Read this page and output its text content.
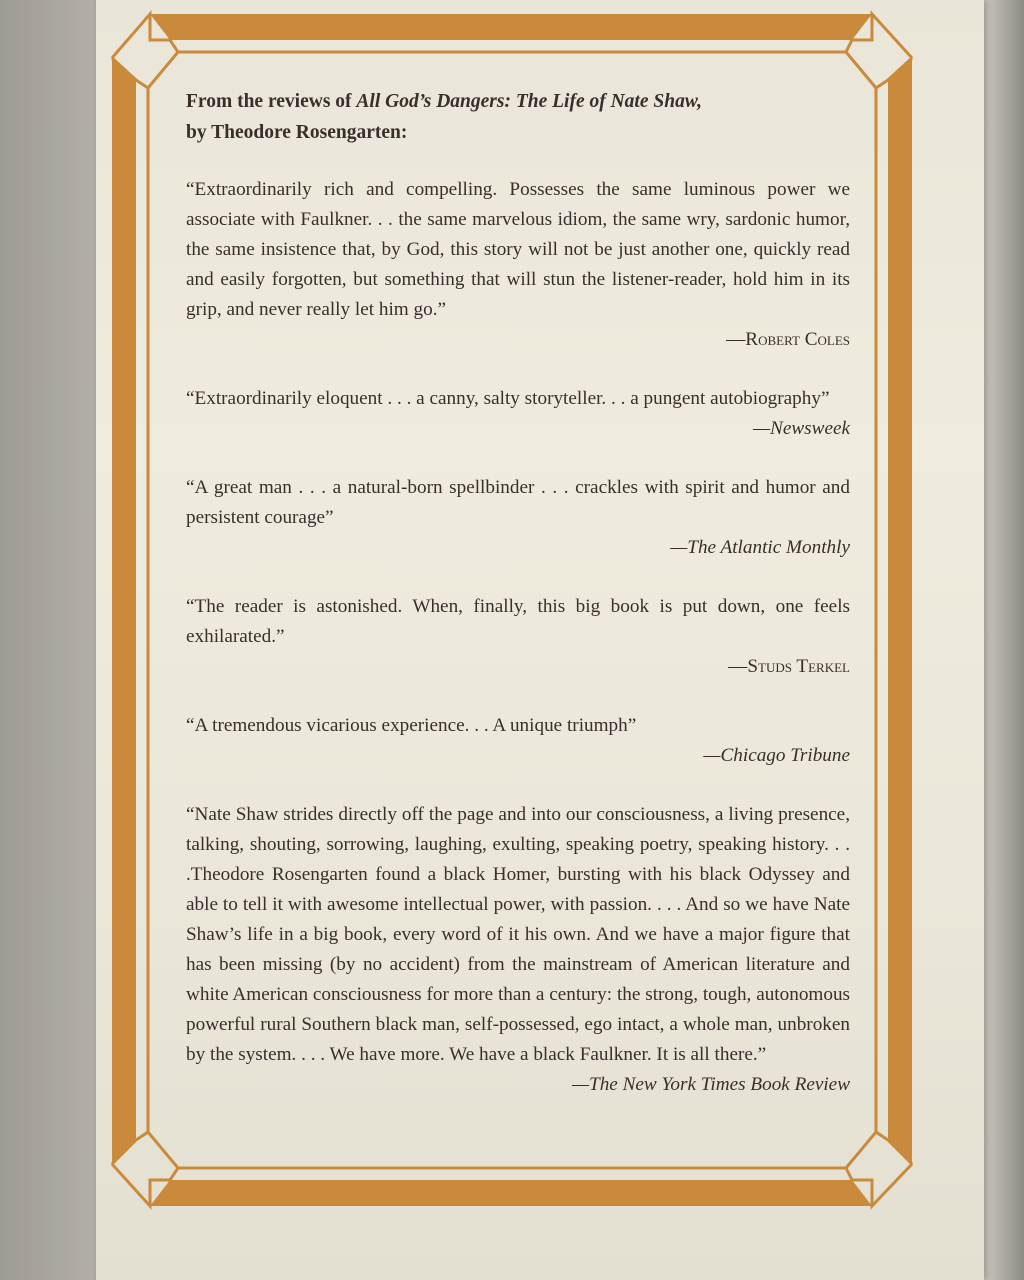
From the reviews of All God’s Dangers: The Life of Nate Shaw,
by Theodore Rosengarten:

“Extraordinarily rich and compelling. Possesses the same luminous power we associate with Faulkner. . . the same marvelous idiom, the same wry, sardonic humor, the same insistence that, by God, this story will not be just another one, quickly read and easily forgotten, but something that will stun the listener-reader, hold him in its grip, and never really let him go.”

—Robert Coles

“Extraordinarily eloquent . . . a canny, salty storyteller. . . a pungent autobiography”

—Newsweek

“A great man . . . a natural-born spellbinder . . . crackles with spirit and humor and persistent courage”

—The Atlantic Monthly

“The reader is astonished. When, finally, this big book is put down, one feels exhilarated.”

—Studs Terkel

“A tremendous vicarious experience. . . A unique triumph”

—Chicago Tribune

“Nate Shaw strides directly off the page and into our consciousness, a living presence, talking, shouting, sorrowing, laughing, exulting, speaking poetry, speaking history. . . .Theodore Rosengarten found a black Homer, bursting with his black Odyssey and able to tell it with awesome intellectual power, with passion. . . . And so we have Nate Shaw’s life in a big book, every word of it his own. And we have a major figure that has been missing (by no accident) from the mainstream of American literature and white American consciousness for more than a century: the strong, tough, autonomous powerful rural Southern black man, self-possessed, ego intact, a whole man, unbroken by the system. . . . We have more. We have a black Faulkner. It is all there.”

—The New York Times Book Review
